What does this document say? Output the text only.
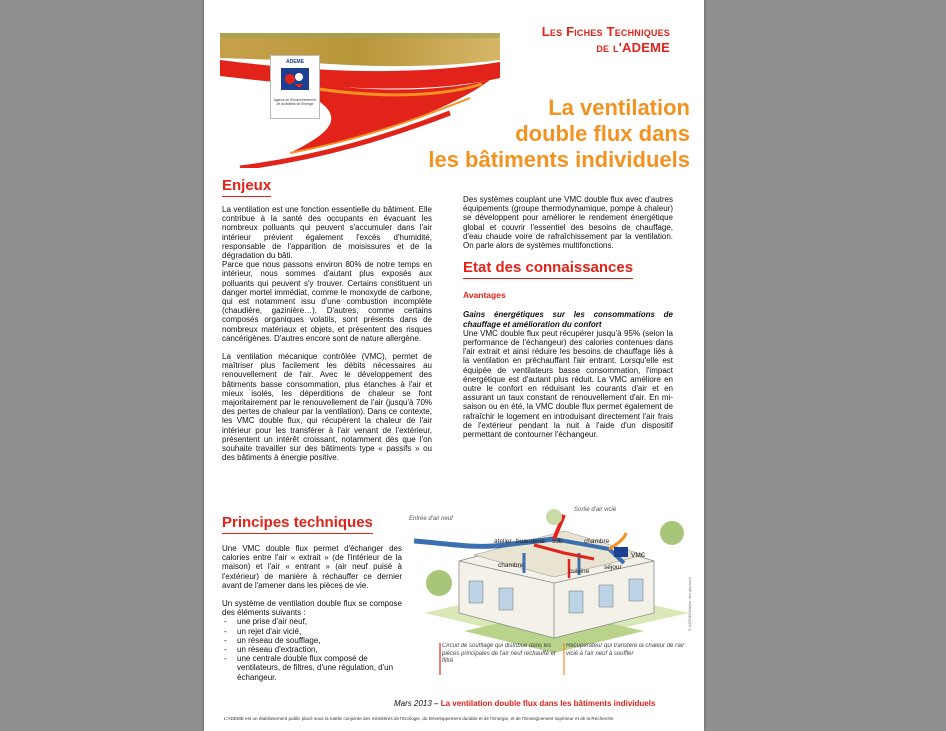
Les Fiches Techniques
de l'ADEME
ADEME
Agence de l'Environnement et de la Maîtrise de l'Energie	La ventilation
double flux dans
les bâtiments individuels
Enjeux

La ventilation est une fonction essentielle du bâtiment. Elle contribue à la santé des occupants en évacuant les nombreux polluants qui peuvent s'accumuler dans l'air intérieur prévient également l'excès d'humidité, responsable de l'apparition de moisissures et de la dégradation du bâti.

Parce que nous passons environ 80% de notre temps en intérieur, nous sommes d'autant plus exposés aux polluants qui peuvent s'y trouver. Certains constituent un danger mortel immédiat, comme le monoxyde de carbone, qui est notamment issu d'une combustion incomplète (chaudière, gazinière…). D'autres, comme certains composés organiques volatils, sont présents dans de nombreux matériaux et objets, et présentent des risques cancérigènes. D'autres encore sont de nature allergène.

La ventilation mécanique contrôlée (VMC), permet de maîtriser plus facilement les débits nécessaires au renouvellement de l'air. Avec le développement des bâtiments basse consommation, plus étanches à l'air et mieux isolés, les déperditions de chaleur se font majoritairement par le renouvellement de l'air (jusqu'à 70% des pertes de chaleur par la ventilation). Dans ce contexte, les VMC double flux, qui récupèrent la chaleur de l'air intérieur pour les transférer à l'air venant de l'extérieur, présentent un intérêt croissant, notamment dès que l'on souhaite travailler sur des bâtiments type « passifs » ou des bâtiments à énergie positive.

Principes techniques

Une VMC double flux permet d'échanger des calories entre l'air « extrait » (de l'intérieur de la maison) et l'air « entrant » (air neuf puisé à l'extérieur) de manière à réchauffer ce dernier avant de l'amener dans les pièces de vie.

Un système de ventilation double flux se compose des éléments suivants :

- une prise d'air neuf,
- un rejet d'air vicié,
- un réseau de soufflage,
- un réseau d'extraction,
- une centrale double flux composé de ventilateurs, de filtres, d'une régulation, d'un échangeur.

Des systèmes couplant une VMC double flux avec d'autres équipements (groupe thermodynamique, pompe à chaleur) se développent pour améliorer le rendement énergétique global et couvrir l'essentiel des besoins de chauffage, d'eau chaude voire de rafraîchissement par la ventilation. On parle alors de systèmes multifonctions.

Etat des connaissances

Avantages

Gains énergétiques sur les consommations de chauffage et amélioration du confort

Une VMC double flux peut récupérer jusqu'à 95% (selon la performance de l'échangeur) des calories contenues dans l'air extrait et ainsi réduire les besoins de chauffage liés à la ventilation en préchauffant l'air entrant. Lorsqu'elle est équipée de ventilateurs basse consommation, l'impact énergétique est d'autant plus réduit. La VMC améliore en outre le confort en réduisant les courants d'air et en assurant un taux constant de renouvellement d'air. En mi-saison ou en été, la VMC double flux permet également de rafraîchir le logement en introduisant directement l'air frais de l'extérieur pendant la nuit à l'aide d'un dispositif permettant de contourner l'échangeur.

Entrée d'air neuf
Sortie d'air vicié
atelier buanderie sdb	chambre
chambre
cuisine
séjour
VMC
© ADEME/Atelier des glycines
Circuit de soufflage qui distribue dans les pièces principales de l'air neuf réchauffé et filtré
Récupérateur qui transfère la chaleur de l'air vicié à l'air neuf à souffler
Mars 2013 – La ventilation double flux dans les bâtiments individuels
L'ADEME est un établissement public placé sous la tutelle conjointe des ministères de l'Ecologie, du Développement durable et de l'Energie, et de l'Enseignement supérieur et de la Recherche
